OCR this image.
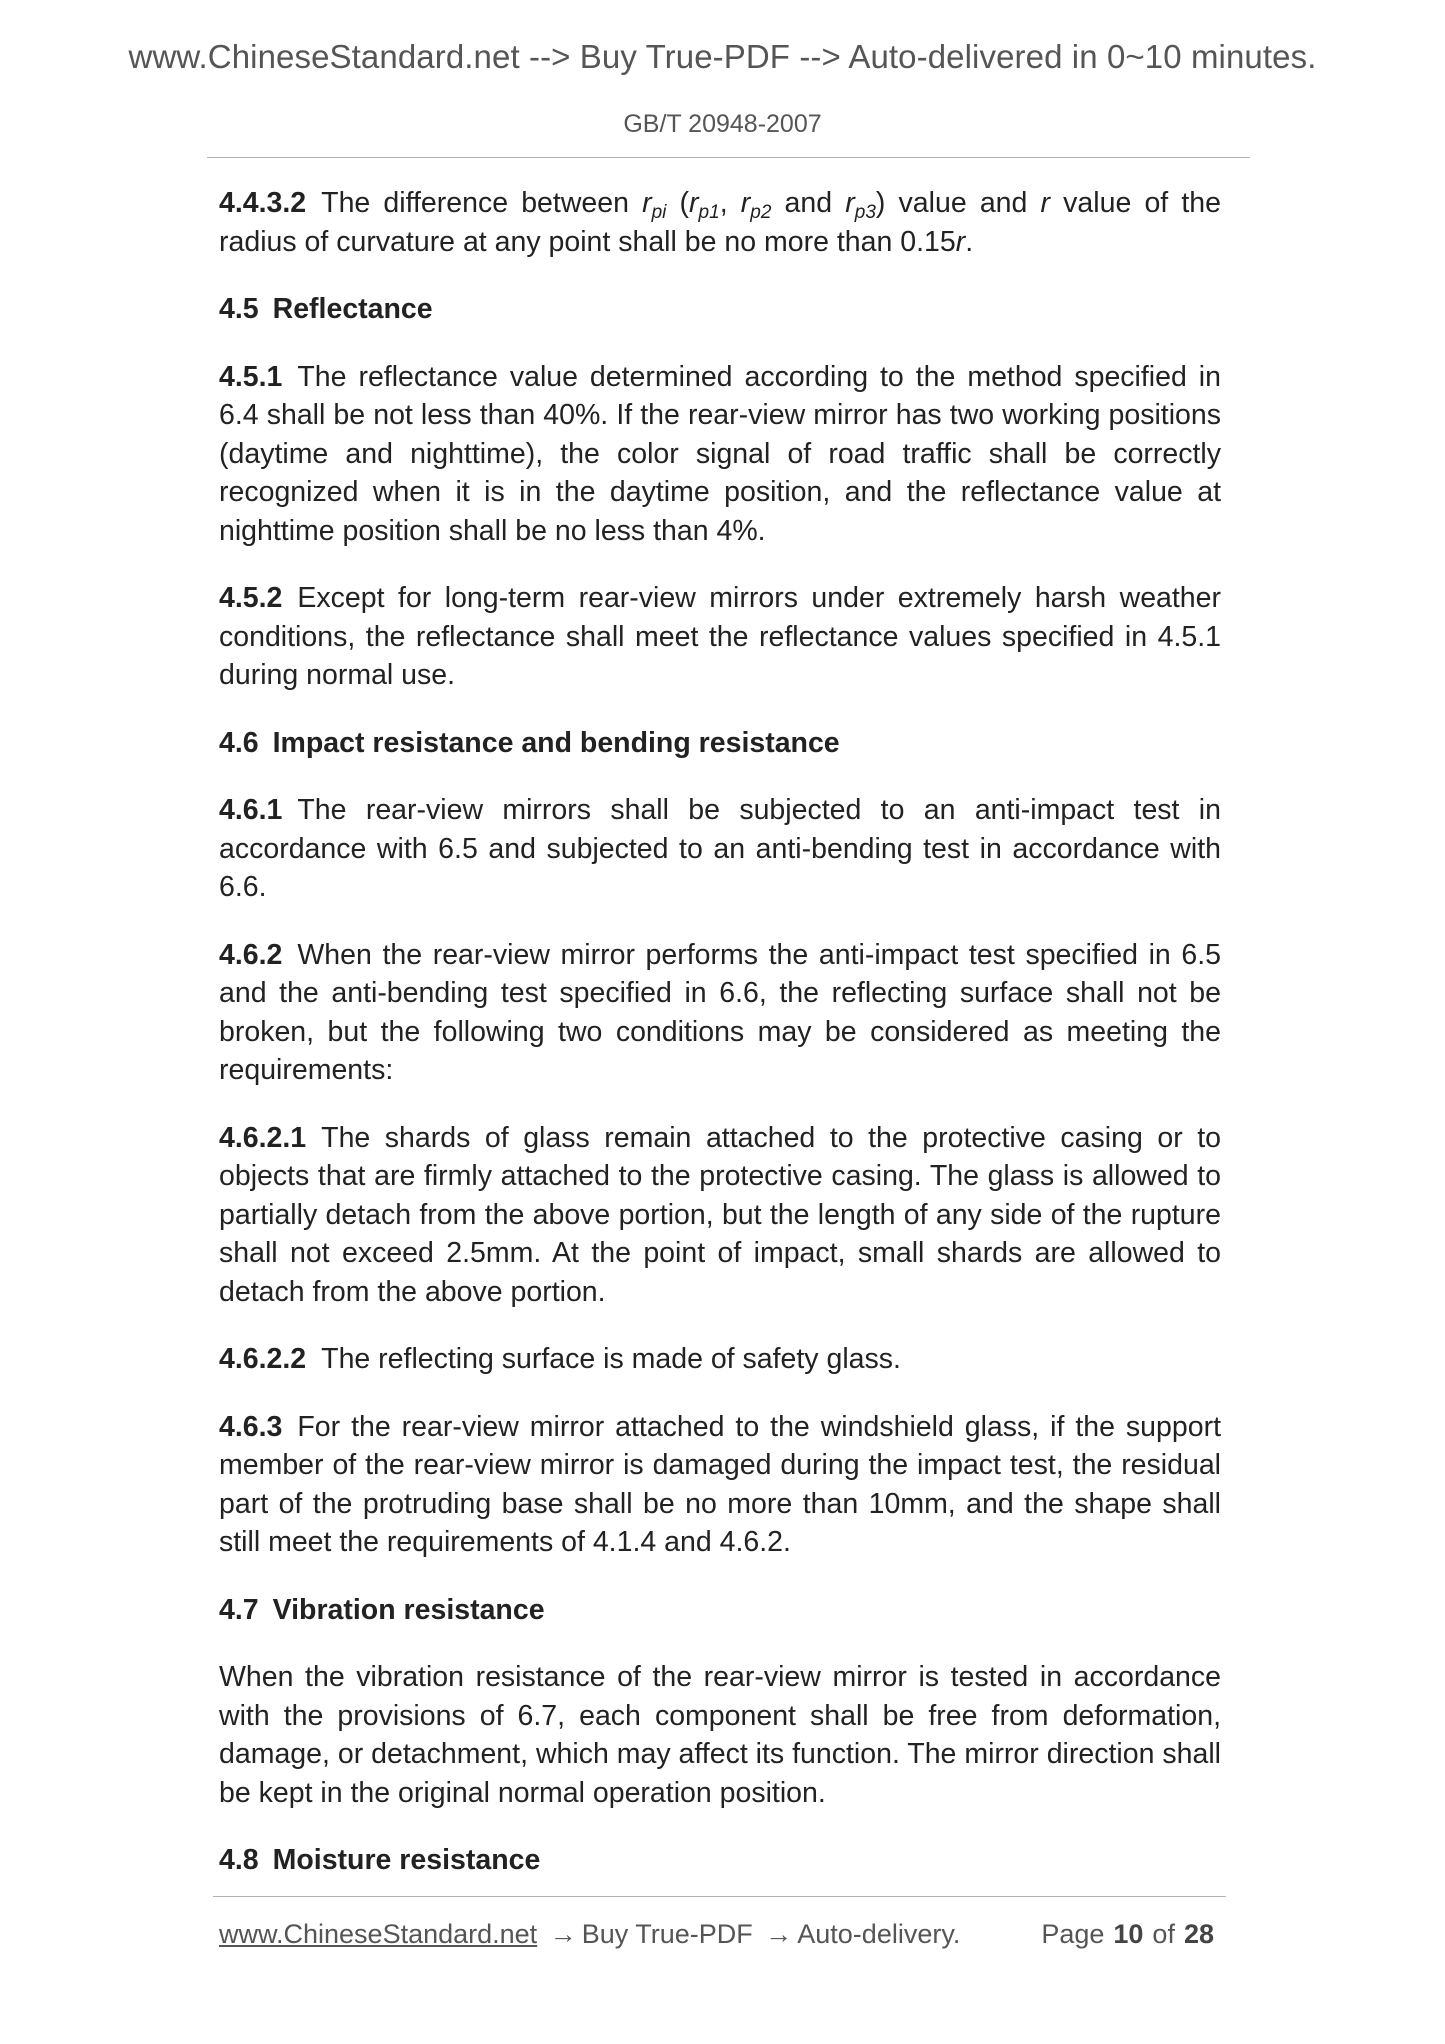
www.ChineseStandard.net --> Buy True-PDF --> Auto-delivered in 0~10 minutes.
GB/T 20948-2007

4.4.3.2 The difference between $r_{pi}$ ($r_{p1}$, $r_{p2}$ and $r_{p3}$) value and r value of the radius of curvature at any point shall be no more than 0.15r.

4.5 Reflectance

4.5.1 The reflectance value determined according to the method specified in 6.4 shall be not less than 40%. If the rear-view mirror has two working positions (daytime and nighttime), the color signal of road traffic shall be correctly recognized when it is in the daytime position, and the reflectance value at nighttime position shall be no less than 4%.

4.5.2 Except for long-term rear-view mirrors under extremely harsh weather conditions, the reflectance shall meet the reflectance values specified in 4.5.1 during normal use.

4.6 Impact resistance and bending resistance

4.6.1 The rear-view mirrors shall be subjected to an anti-impact test in accordance with 6.5 and subjected to an anti-bending test in accordance with 6.6.

4.6.2 When the rear-view mirror performs the anti-impact test specified in 6.5 and the anti-bending test specified in 6.6, the reflecting surface shall not be broken, but the following two conditions may be considered as meeting the requirements:

4.6.2.1 The shards of glass remain attached to the protective casing or to objects that are firmly attached to the protective casing. The glass is allowed to partially detach from the above portion, but the length of any side of the rupture shall not exceed 2.5mm. At the point of impact, small shards are allowed to detach from the above portion.

4.6.2.2 The reflecting surface is made of safety glass.

4.6.3 For the rear-view mirror attached to the windshield glass, if the support member of the rear-view mirror is damaged during the impact test, the residual part of the protruding base shall be no more than 10mm, and the shape shall still meet the requirements of 4.1.4 and 4.6.2.

4.7 Vibration resistance

When the vibration resistance of the rear-view mirror is tested in accordance with the provisions of 6.7, each component shall be free from deformation, damage, or detachment, which may affect its function. The mirror direction shall be kept in the original normal operation position.

4.8 Moisture resistance

www.ChineseStandard.net → Buy True-PDF → Auto-delivery.	Page 10 of 28
